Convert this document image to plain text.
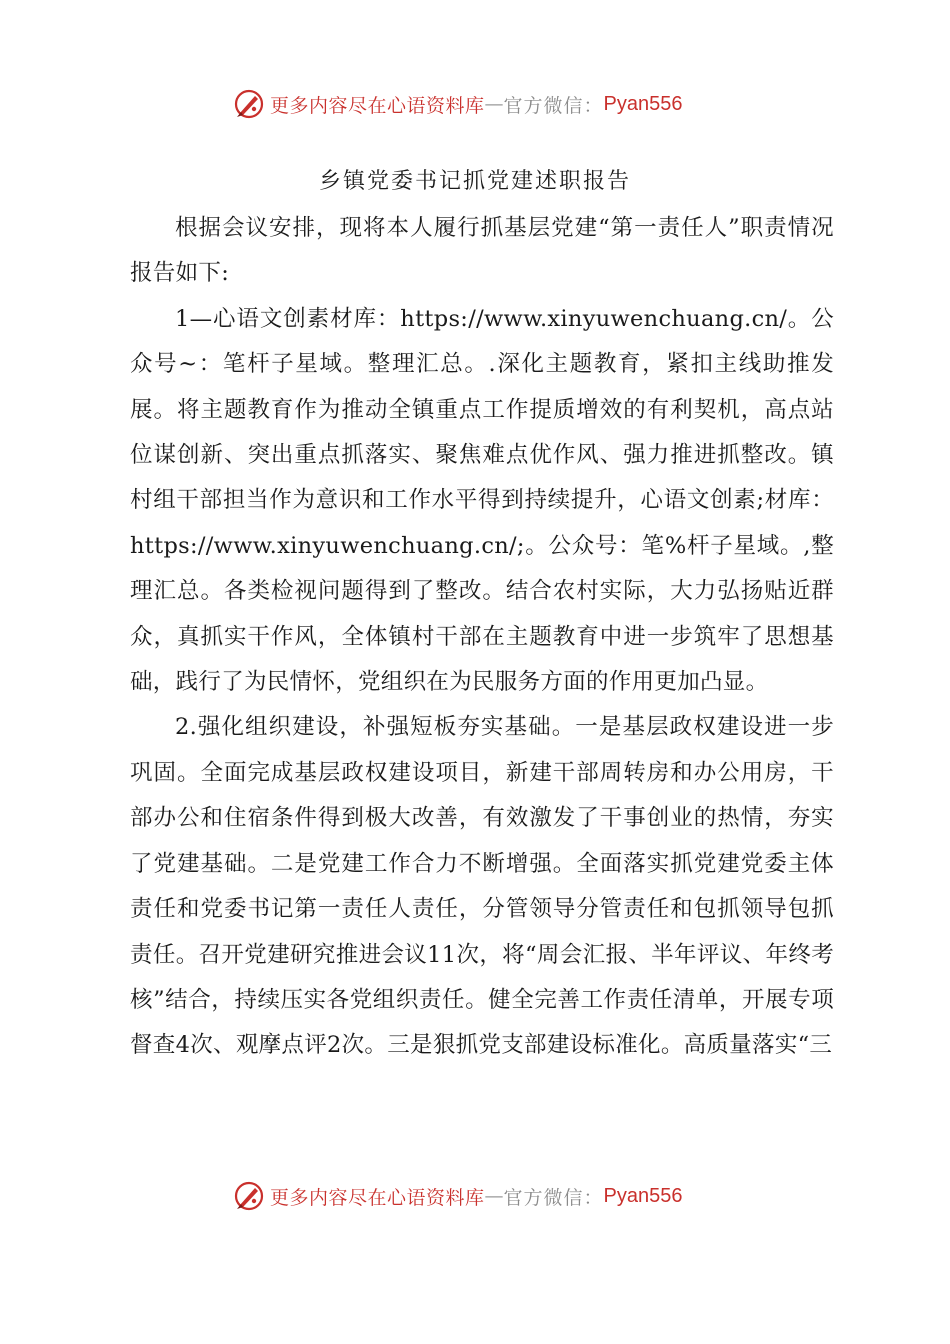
更多内容尽在心语资料库 — 官方微信： Pyan556
乡镇党委书记抓党建述职报告

根据会议安排，现将本人履行抓基层党建“第一责任人”职责情况报告如下:

1—心语文创素材库：https://www.xinyuwenchuang.cn/。公众号~：笔杆子星域。整理汇总。.深化主题教育，紧扣主线助推发展。将主题教育作为推动全镇重点工作提质增效的有利契机，高点站位谋创新、突出重点抓落实、聚焦难点优作风、强力推进抓整改。镇村组干部担当作为意识和工作水平得到持续提升，心语文创素;材库：https://www.xinyuwenchuang.cn/;。公众号：笔%杆子星域。,整理汇总。各类检视问题得到了整改。结合农村实际，大力弘扬贴近群众，真抓实干作风，全体镇村干部在主题教育中进一步筑牢了思想基础，践行了为民情怀，党组织在为民服务方面的作用更加凸显。

2.强化组织建设，补强短板夯实基础。一是基层政权建设进一步巩固。全面完成基层政权建设项目，新建干部周转房和办公用房，干部办公和住宿条件得到极大改善，有效激发了干事创业的热情，夯实了党建基础。二是党建工作合力不断增强。全面落实抓党建党委主体责任和党委书记第一责任人责任，分管领导分管责任和包抓领导包抓责任。召开党建研究推进会议11次，将“周会汇报、半年评议、年终考核”结合，持续压实各党组织责任。健全完善工作责任清单，开展专项督查4次、观摩点评2次。三是狠抓党支部建设标准化。高质量落实“三

更多内容尽在心语资料库 — 官方微信： Pyan556
